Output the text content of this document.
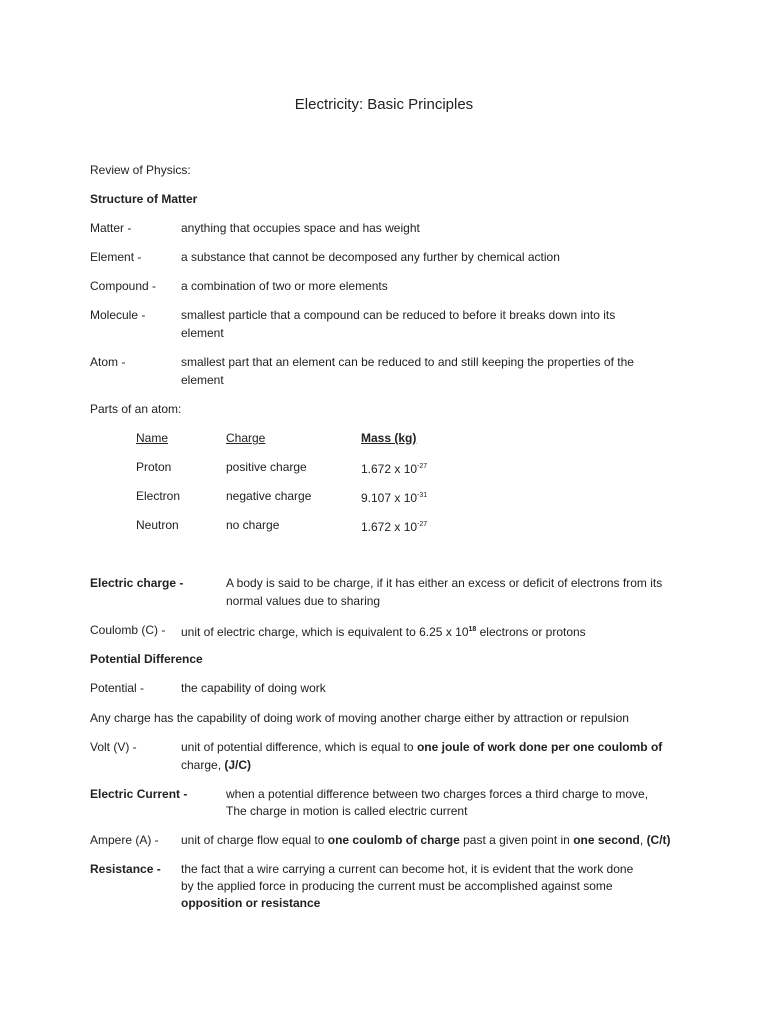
Electricity: Basic Principles
Review of Physics:
Structure of Matter
Matter -	anything that occupies space and has weight
Element -	a substance that cannot be decomposed any further by chemical action
Compound - a combination of two or more elements
Molecule -	smallest particle that a compound can be reduced to before it breaks down into its
element
Atom -	smallest part that an element can be reduced to and still keeping the properties of the
element
Parts of an atom:
Name	Charge	Mass (kg)
Proton	positive charge	1.672 x $10^{-27}$
Electron	negative charge	9.107 x $10^{-31}$
Neutron	no charge	1.672 x $10^{-27}$
Electric charge -	A body is said to be charge, if it has either an excess or deficit of electrons from its
normal values due to sharing
Coulomb (C) - unit of electric charge, which is equivalent to 6.25 x $10^{18}$ electrons or protons
Potential Difference
Potential -	the capability of doing work
Any charge has the capability of doing work of moving another charge either by attraction or repulsion
Volt (V) -	unit of potential difference, which is equal to one joule of work done per one coulomb of
charge, (J/C)
Electric Current -	when a potential difference between two charges forces a third charge to move,
The charge in motion is called electric current
Ampere (A) - unit of charge flow equal to one coulomb of charge past a given point in one second, (C/t)
Resistance - the fact that a wire carrying a current can become hot, it is evident that the work done
by the applied force in producing the current must be accomplished against some
opposition or resistance
